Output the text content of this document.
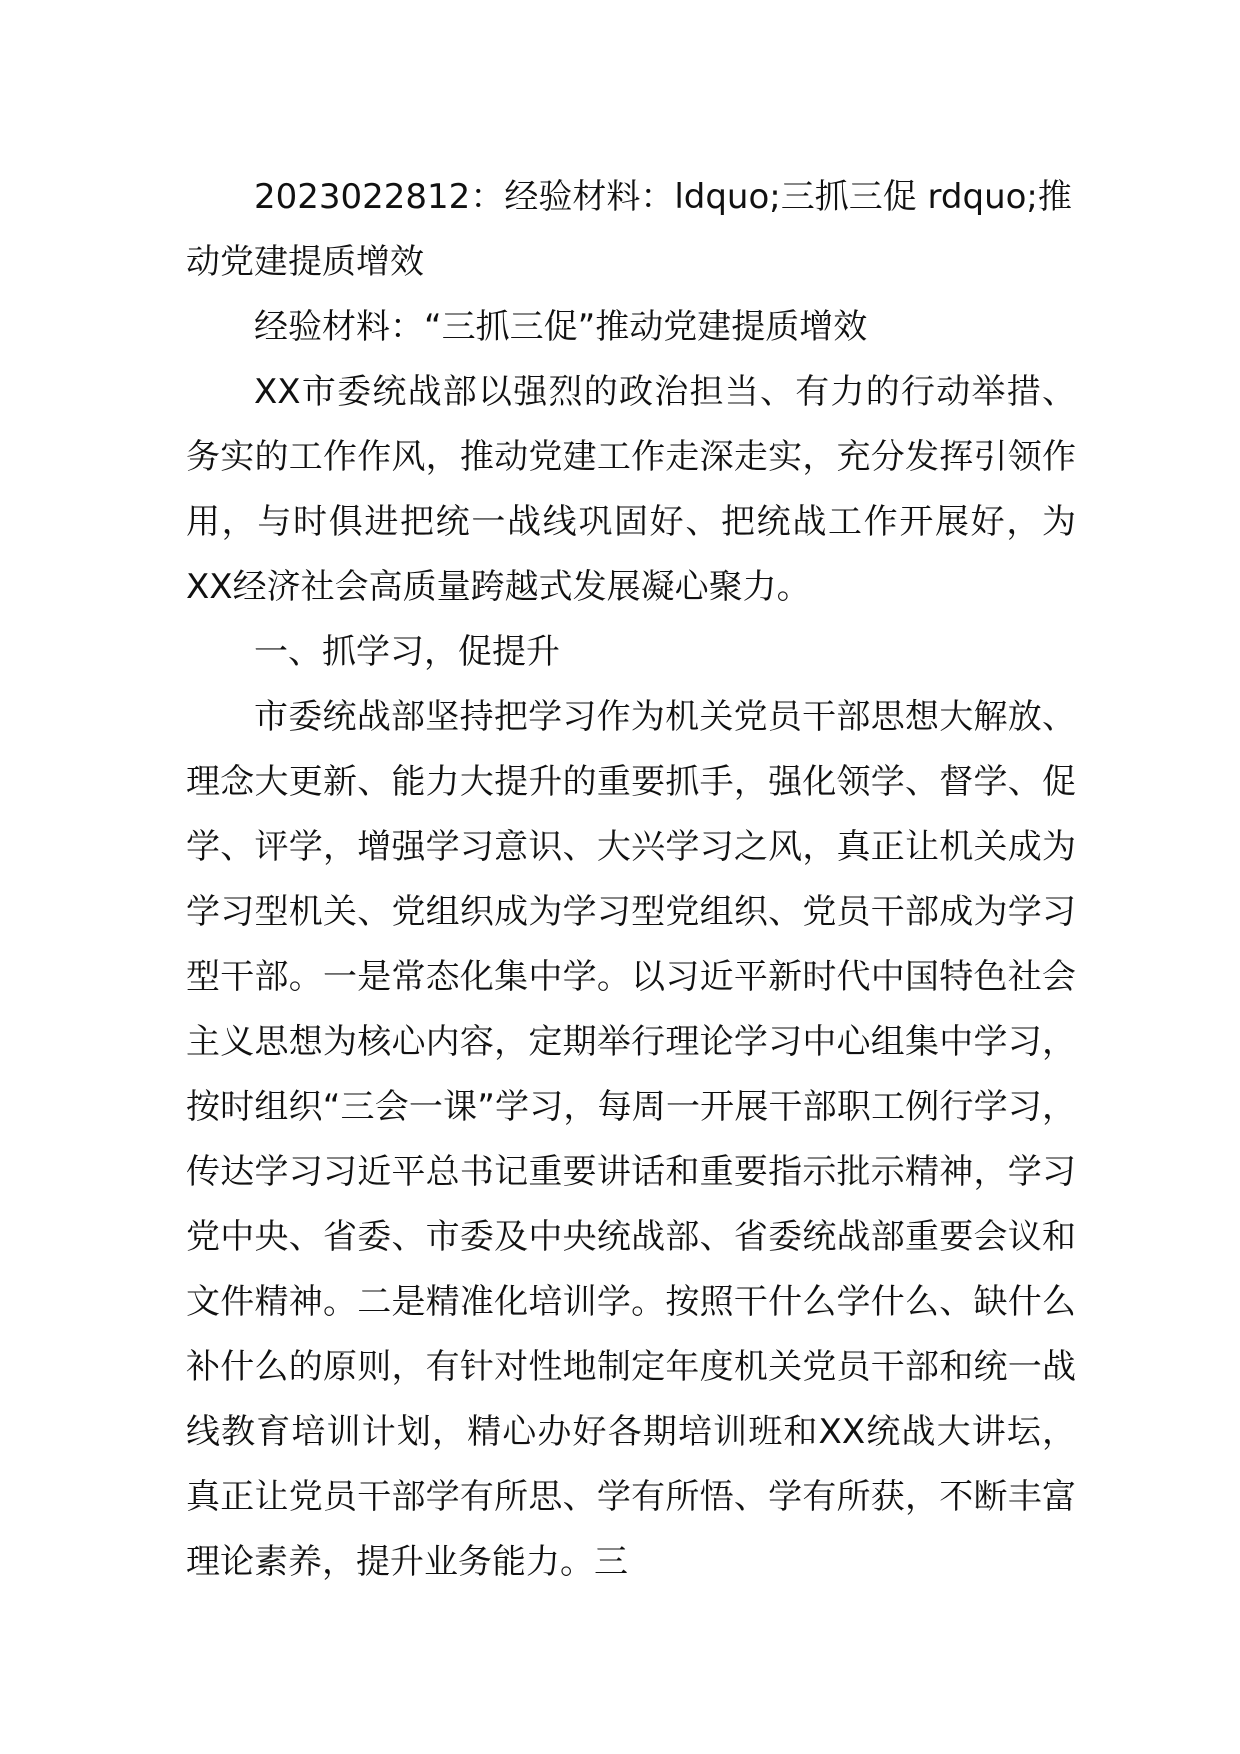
2023022812：经验材料：ldquo;三抓三促 rdquo;推动党建提质增效

经验材料：“三抓三促”推动党建提质增效

XX市委统战部以强烈的政治担当、有力的行动举措、务实的工作作风，推动党建工作走深走实，充分发挥引领作用，与时俱进把统一战线巩固好、把统战工作开展好，为XX经济社会高质量跨越式发展凝心聚力。

一、抓学习，促提升

市委统战部坚持把学习作为机关党员干部思想大解放、理念大更新、能力大提升的重要抓手，强化领学、督学、促学、评学，增强学习意识、大兴学习之风，真正让机关成为学习型机关、党组织成为学习型党组织、党员干部成为学习型干部。一是常态化集中学。以习近平新时代中国特色社会主义思想为核心内容，定期举行理论学习中心组集中学习，按时组织“三会一课”学习，每周一开展干部职工例行学习，传达学习习近平总书记重要讲话和重要指示批示精神，学习党中央、省委、市委及中央统战部、省委统战部重要会议和文件精神。二是精准化培训学。按照干什么学什么、缺什么补什么的原则，有针对性地制定年度机关党员干部和统一战线教育培训计划，精心办好各期培训班和XX统战大讲坛，真正让党员干部学有所思、学有所悟、学有所获，不断丰富理论素养，提升业务能力。三
